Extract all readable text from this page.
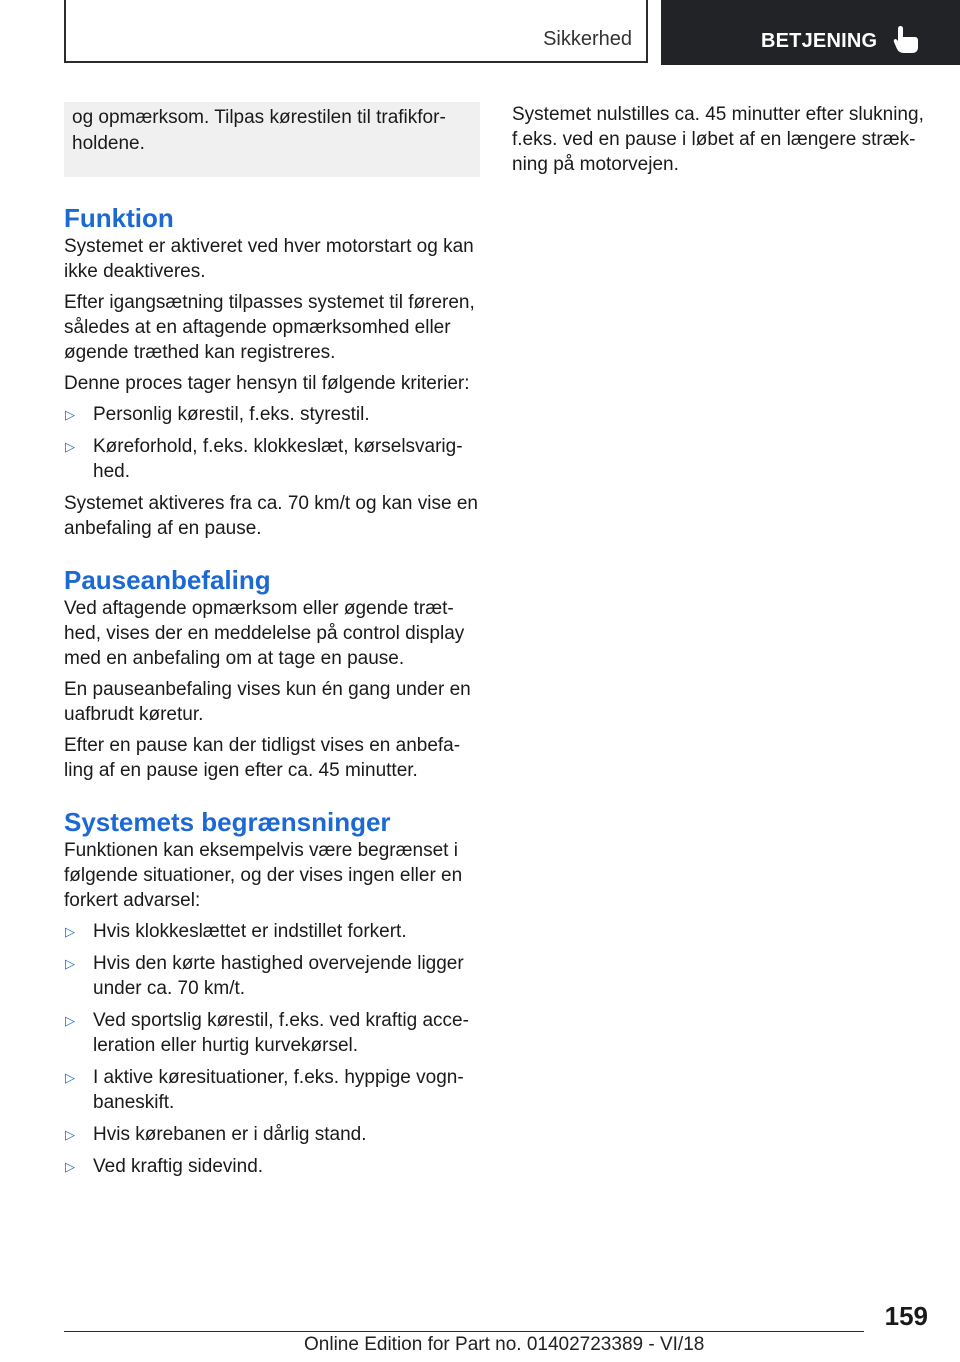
Sikkerhed	BETJENING
og opmærksom. Tilpas kørestilen til trafikforholdene.
Funktion

Systemet er aktiveret ved hver motorstart og kan ikke deaktiveres.

Efter igangsætning tilpasses systemet til føreren, således at en aftagende opmærksomhed eller øgende træthed kan registreres.

Denne proces tager hensyn til følgende kriterier:

▷ Personlig kørestil, f.eks. styrestil.
▷ Køreforhold, f.eks. klokkeslæt, kørselsvarighed.

Systemet aktiveres fra ca. 70 km/t og kan vise en anbefaling af en pause.

Pauseanbefaling

Ved aftagende opmærksom eller øgende træthed, vises der en meddelelse på control display med en anbefaling om at tage en pause.

En pauseanbefaling vises kun én gang under en uafbrudt køretur.

Efter en pause kan der tidligst vises en anbefaling af en pause igen efter ca. 45 minutter.

Systemets begrænsninger

Funktionen kan eksempelvis være begrænset i følgende situationer, og der vises ingen eller en forkert advarsel:

▷ Hvis klokkeslættet er indstillet forkert.
▷ Hvis den kørte hastighed overvejende ligger under ca. 70 km/t.
▷ Ved sportslig kørestil, f.eks. ved kraftig acceleration eller hurtig kurvekørsel.
▷ I aktive køresituationer, f.eks. hyppige vognbaneskift.
▷ Hvis kørebanen er i dårlig stand.
▷ Ved kraftig sidevind.

Systemet nulstilles ca. 45 minutter efter slukning, f.eks. ved en pause i løbet af en længere strækning på motorvejen.

159
Online Edition for Part no. 01402723389 - VI/18
